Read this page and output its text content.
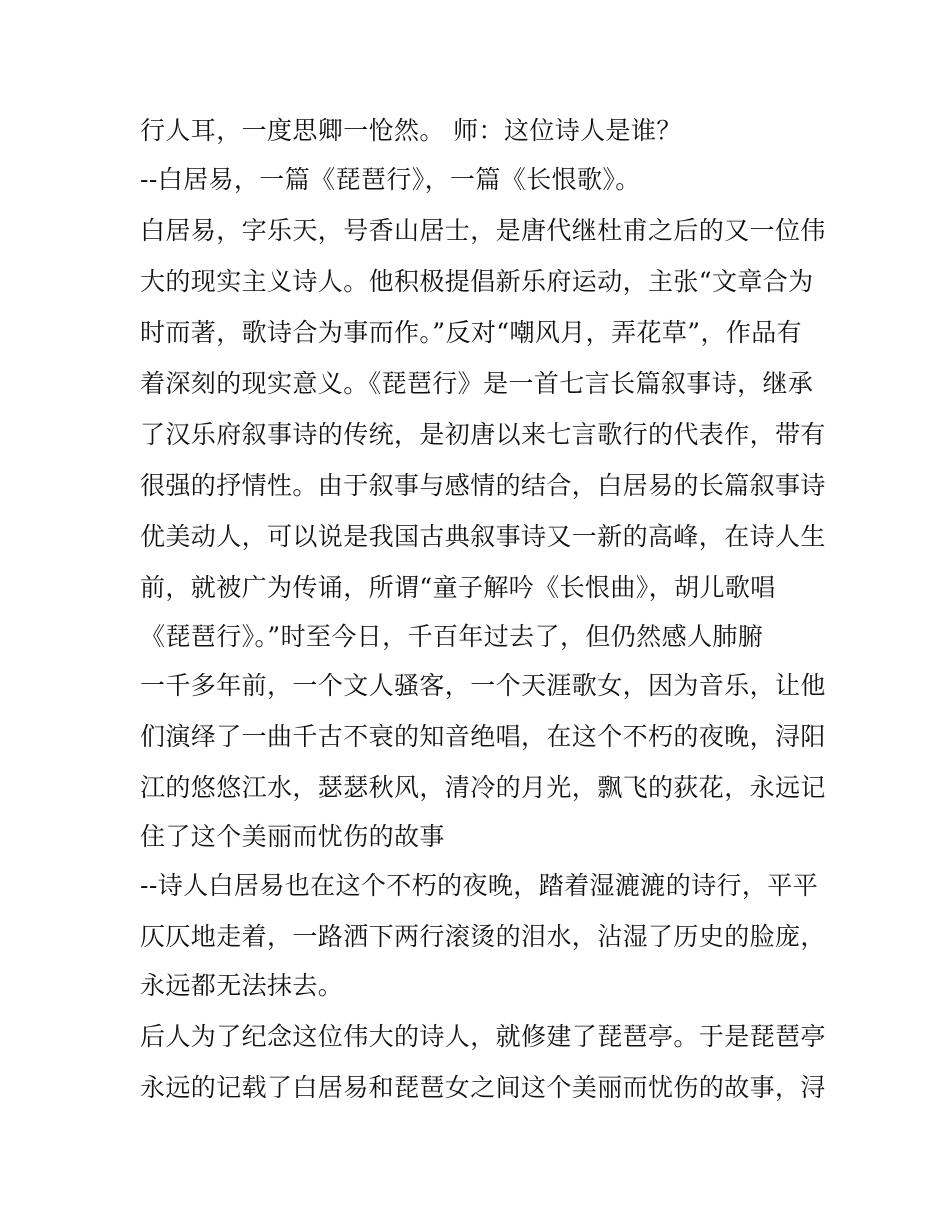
行人耳，一度思卿一怆然。 师：这位诗人是谁？
--白居易，一篇《琵琶行》，一篇《长恨歌》。
白居易，字乐天，号香山居士，是唐代继杜甫之后的又一位伟
大的现实主义诗人。他积极提倡新乐府运动，主张“文章合为
时而著，歌诗合为事而作。”反对“嘲风月，弄花草”，作品有
着深刻的现实意义。《琵琶行》是一首七言长篇叙事诗，继承
了汉乐府叙事诗的传统，是初唐以来七言歌行的代表作，带有
很强的抒情性。由于叙事与感情的结合，白居易的长篇叙事诗
优美动人，可以说是我国古典叙事诗又一新的高峰，在诗人生
前，就被广为传诵，所谓“童子解吟《长恨曲》，胡儿歌唱
《琵琶行》。”时至今日，千百年过去了，但仍然感人肺腑
一千多年前，一个文人骚客，一个天涯歌女，因为音乐，让他
们演绎了一曲千古不衰的知音绝唱，在这个不朽的夜晚，浔阳
江的悠悠江水，瑟瑟秋风，清冷的月光，飘飞的荻花，永远记
住了这个美丽而忧伤的故事
--诗人白居易也在这个不朽的夜晚，踏着湿漉漉的诗行，平平
仄仄地走着，一路洒下两行滚烫的泪水，沾湿了历史的脸庞，
永远都无法抹去。
后人为了纪念这位伟大的诗人，就修建了琵琶亭。于是琵琶亭
永远的记载了白居易和琵琶女之间这个美丽而忧伤的故事，浔
